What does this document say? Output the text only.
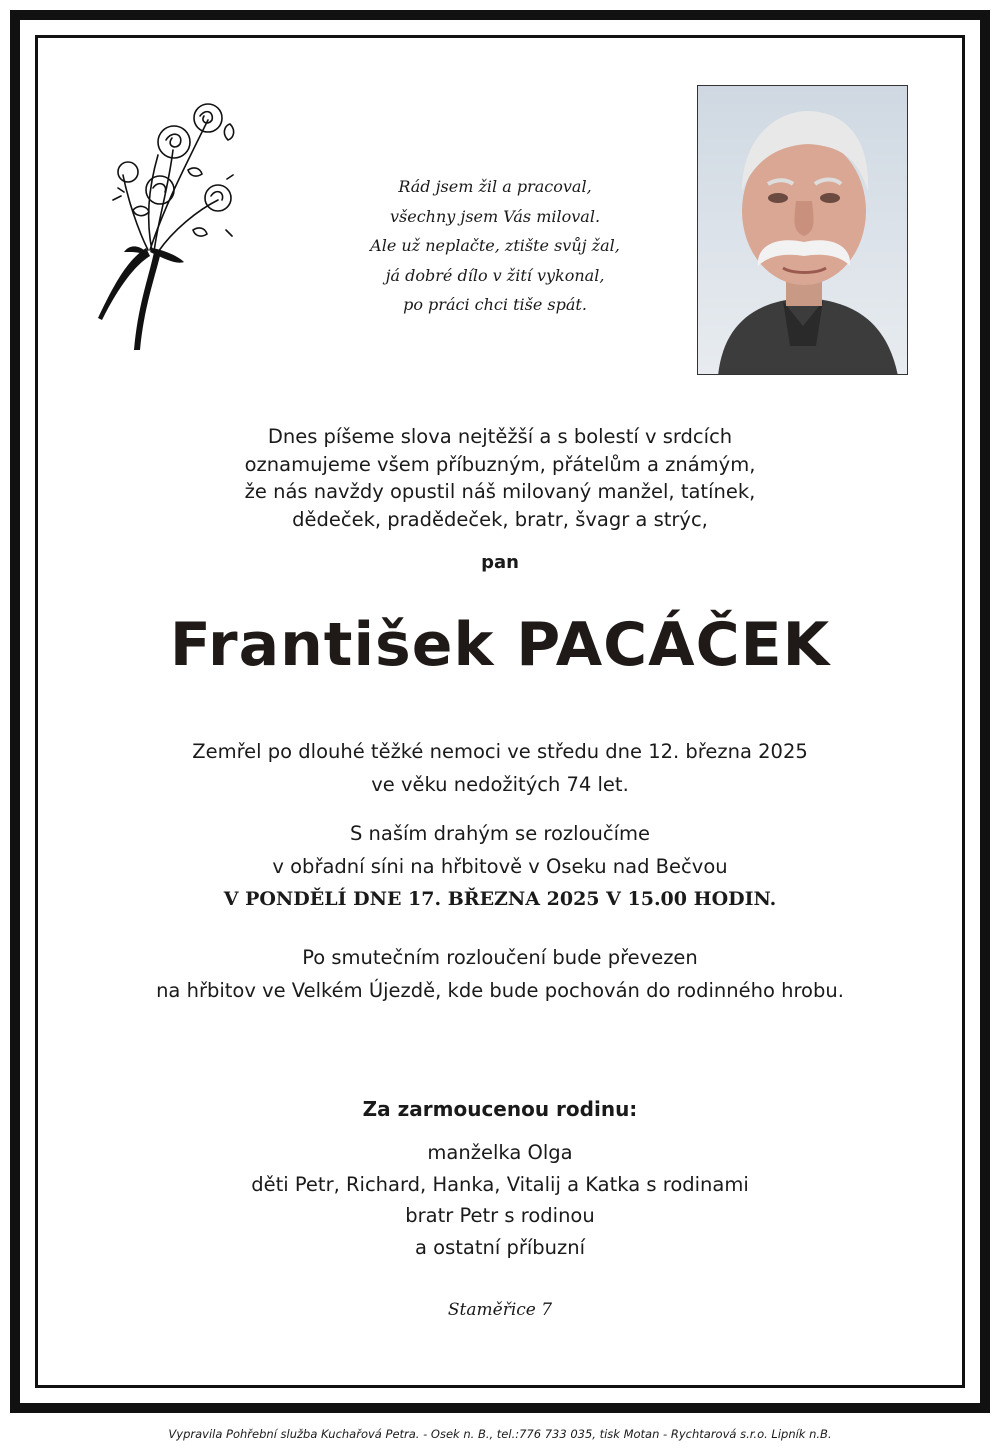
Rád jsem žil a pracoval,
všechny jsem Vás miloval.
Ale už neplačte, ztište svůj žal,
já dobré dílo v žití vykonal,
po práci chci tiše spát.
Dnes píšeme slova nejtěžší a s bolestí v srdcích
oznamujeme všem příbuzným, přátelům a známým,
že nás navždy opustil náš milovaný manžel, tatínek,
dědeček, pradědeček, bratr, švagr a strýc,
pan
František PACÁČEK
Zemřel po dlouhé těžké nemoci ve středu dne 12. března 2025
ve věku nedožitých 74 let.
S naším drahým se rozloučíme
v obřadní síni na hřbitově v Oseku nad Bečvou
V PONDĚLÍ DNE 17. BŘEZNA 2025 V 15.00 HODIN.
Po smutečním rozloučení bude převezen
na hřbitov ve Velkém Újezdě, kde bude pochován do rodinného hrobu.
Za zarmoucenou rodinu:
manželka Olga
děti Petr, Richard, Hanka, Vitalij a Katka s rodinami
bratr Petr s rodinou
a ostatní příbuzní
Staměřice 7
Vypravila Pohřební služba Kuchařová Petra. - Osek n. B., tel.:776 733 035, tisk Motan - Rychtarová s.r.o. Lipník n.B.
